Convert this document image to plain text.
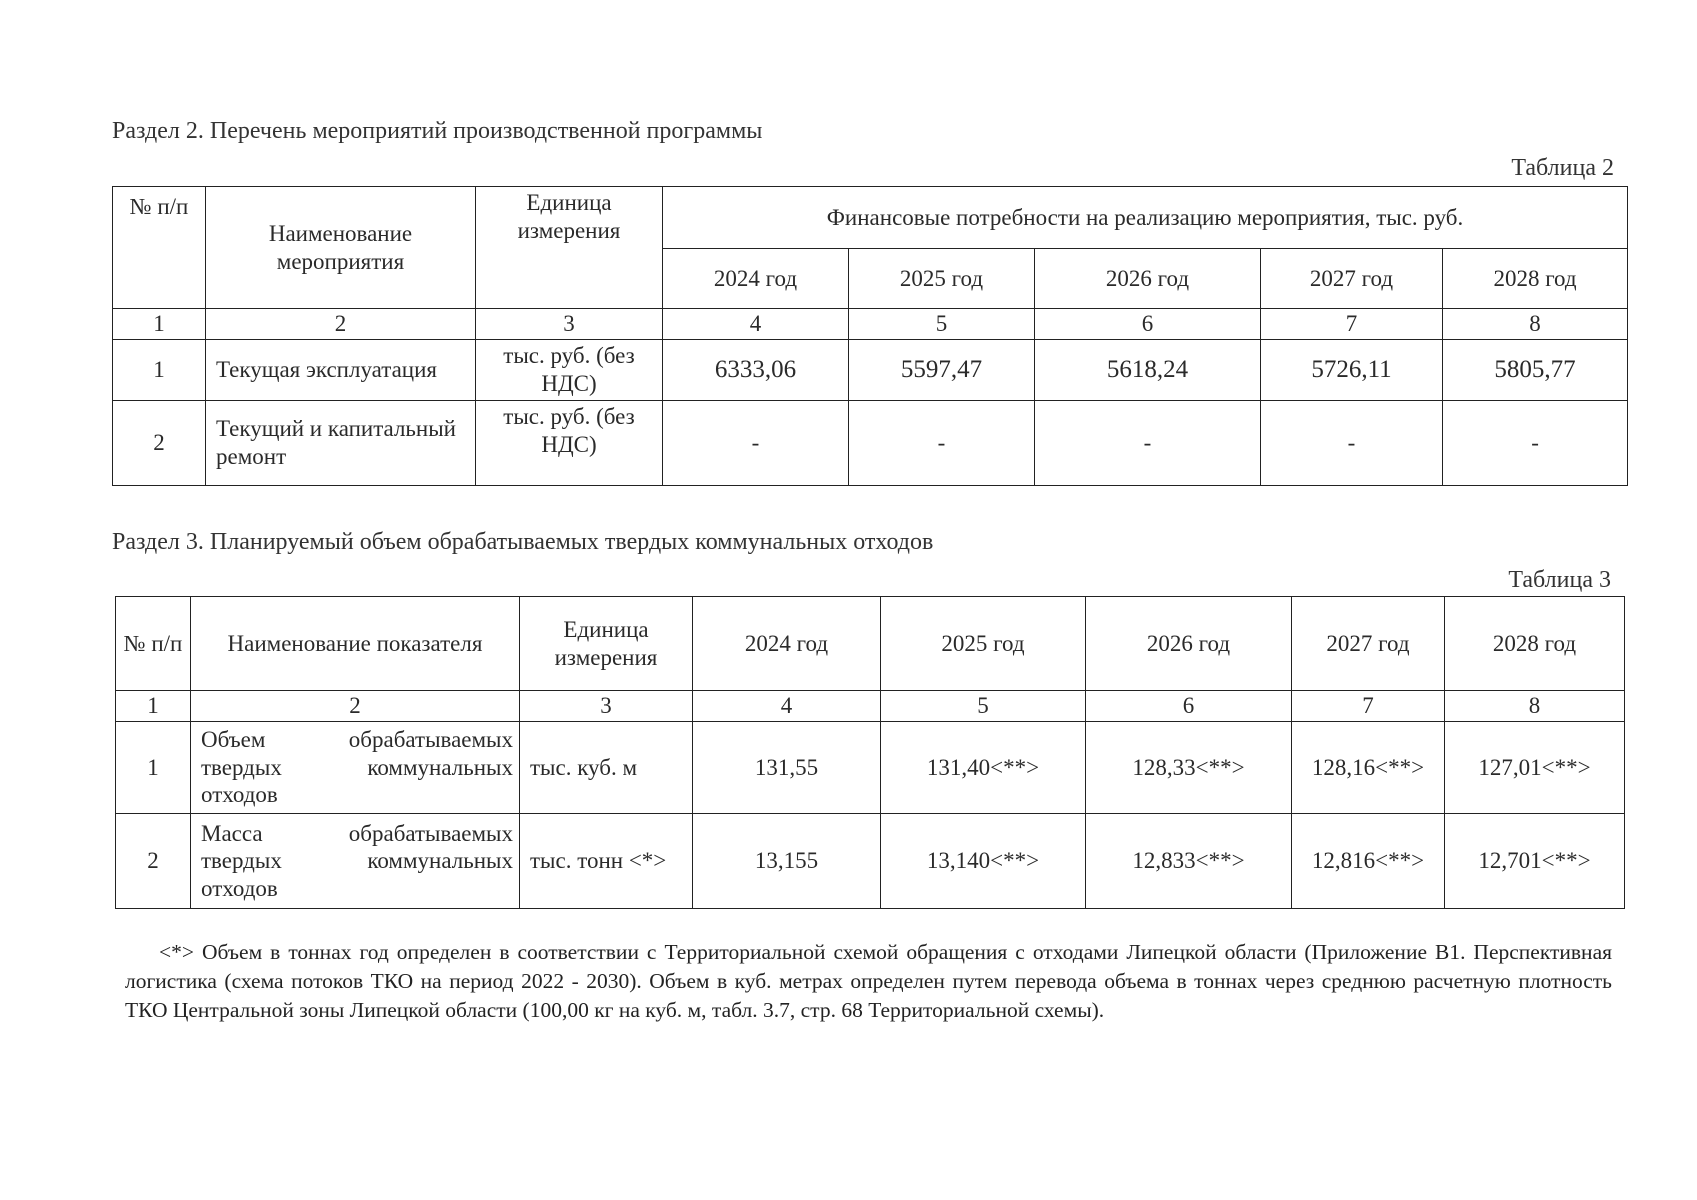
Раздел 2. Перечень мероприятий производственной программы
Таблица 2
№ п/п	Наименование мероприятия	Единица измерения	Финансовые потребности на реализацию мероприятия, тыс. руб.				
			2024 год	2025 год	2026 год	2027 год	2028 год
1	2	3	4	5	6	7	8
1	Текущая эксплуатация	тыс. руб. (без НДС)	6333,06	5597,47	5618,24	5726,11	5805,77
2	Текущий и капитальный ремонт	тыс. руб. (без НДС)	-	-	-	-	-
Раздел 3. Планируемый объем обрабатываемых твердых коммунальных отходов
Таблица 3
№ п/п	Наименование показателя	Единица измерения	2024 год	2025 год	2026 год	2027 год	2028 год
1	2	3	4	5	6	7	8
1	Объем обрабатываемых твердых коммунальных отходов	тыс. куб. м	131,55	131,40<**>	128,33<**>	128,16<**>	127,01<**>
2	Масса обрабатываемых твердых коммунальных отходов	тыс. тонн <*>	13,155	13,140<**>	12,833<**>	12,816<**>	12,701<**>

<*> Объем в тоннах год определен в соответствии с Территориальной схемой обращения с отходами Липецкой области (Приложение В1. Перспективная логистика (схема потоков ТКО на период 2022 - 2030). Объем в куб. метрах определен путем перевода объема в тоннах через среднюю расчетную плотность ТКО Центральной зоны Липецкой области (100,00 кг на куб. м, табл. 3.7, стр. 68 Территориальной схемы).
